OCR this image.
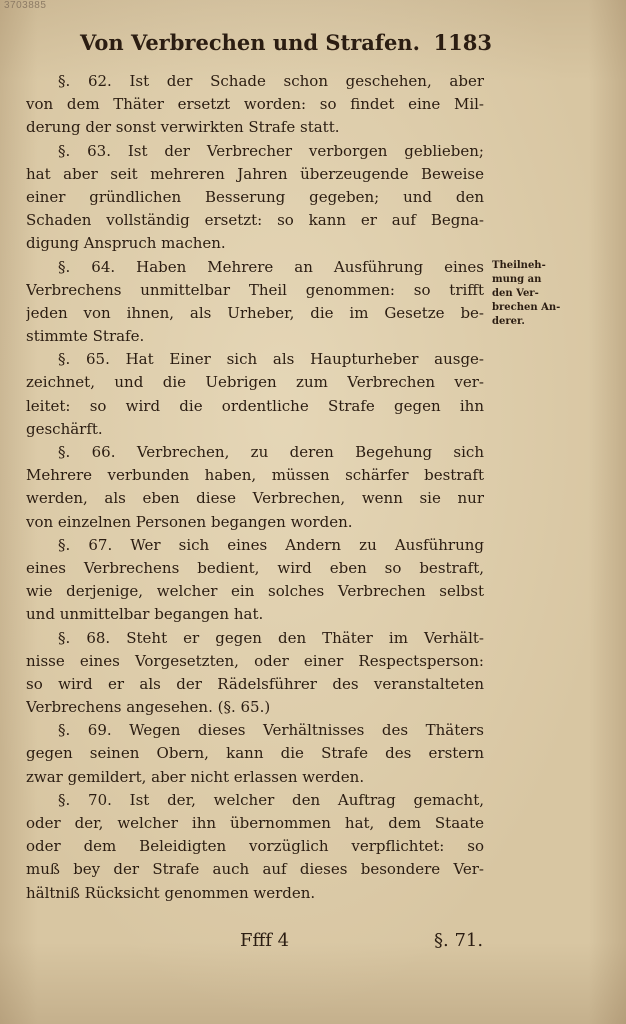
3703885
Von Verbrechen und Strafen. 1183
§. 62. Ist der Schade schon geschehen, aber
von dem Thäter ersetzt worden: so findet eine Mil-
derung der sonst verwirkten Strafe statt.
§. 63. Ist der Verbrecher verborgen geblieben;
hat aber seit mehreren Jahren überzeugende Beweise
einer gründlichen Besserung gegeben; und den
Schaden vollständig ersetzt: so kann er auf Begna-
digung Anspruch machen.
§. 64. Haben Mehrere an Ausführung eines
Verbrechens unmittelbar Theil genommen: so trifft
jeden von ihnen, als Urheber, die im Gesetze be-
stimmte Strafe.
§. 65. Hat Einer sich als Haupturheber ausge-
zeichnet, und die Uebrigen zum Verbrechen ver-
leitet: so wird die ordentliche Strafe gegen ihn
geschärft.
§. 66. Verbrechen, zu deren Begehung sich
Mehrere verbunden haben, müssen schärfer bestraft
werden, als eben diese Verbrechen, wenn sie nur
von einzelnen Personen begangen worden.
§. 67. Wer sich eines Andern zu Ausführung
eines Verbrechens bedient, wird eben so bestraft,
wie derjenige, welcher ein solches Verbrechen selbst
und unmittelbar begangen hat.
§. 68. Steht er gegen den Thäter im Verhält-
nisse eines Vorgesetzten, oder einer Respectsperson:
so wird er als der Rädelsführer des veranstalteten
Verbrechens angesehen. (§. 65.)
§. 69. Wegen dieses Verhältnisses des Thäters
gegen seinen Obern, kann die Strafe des erstern
zwar gemildert, aber nicht erlassen werden.
§. 70. Ist der, welcher den Auftrag gemacht,
oder der, welcher ihn übernommen hat, dem Staate
oder dem Beleidigten vorzüglich verpflichtet: so
muß bey der Strafe auch auf dieses besondere Ver-
hältniß Rücksicht genommen werden.
Theilneh-
mung an
den Ver-
brechen An-
derer.
Ffff 4	§. 71.
